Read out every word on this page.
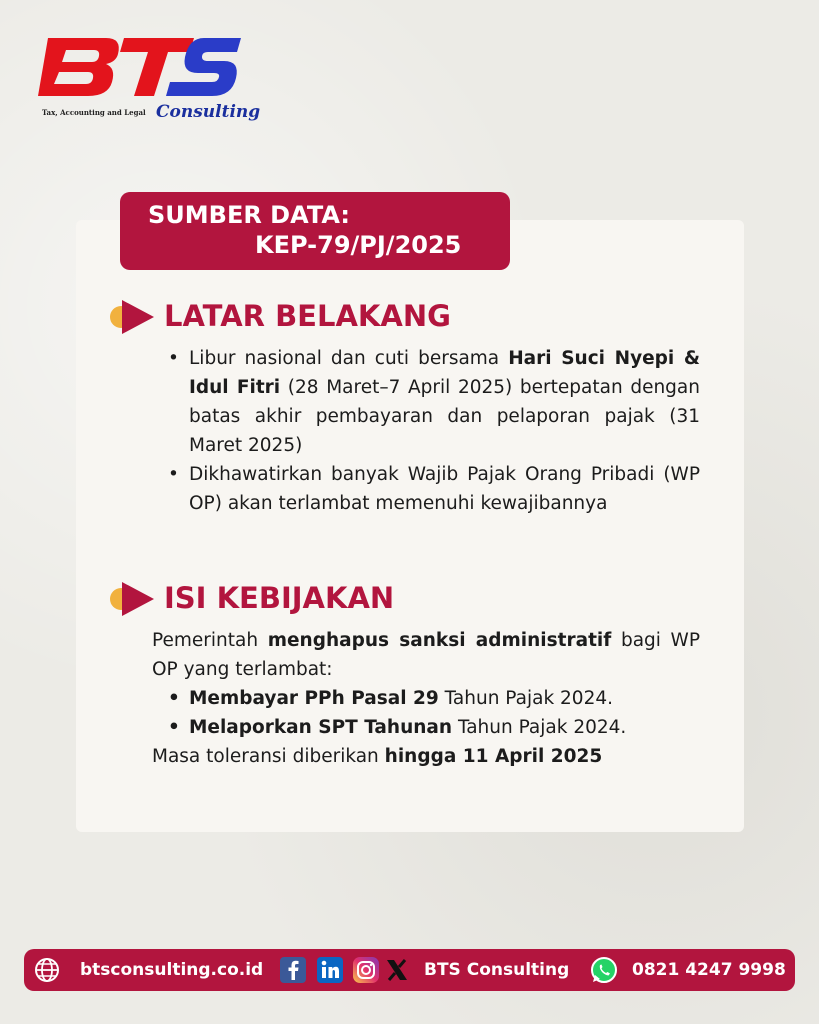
Tax, Accounting and Legal Consulting
SUMBER DATA:
KEP-79/PJ/2025
LATAR BELAKANG
• Libur nasional dan cuti bersama Hari Suci Nyepi & Idul Fitri (28 Maret–7 April 2025) bertepatan dengan batas akhir pembayaran dan pelaporan pajak (31 Maret 2025)
• Dikhawatirkan banyak Wajib Pajak Orang Pribadi (WP OP) akan terlambat memenuhi kewajibannya
ISI KEBIJAKAN
Pemerintah menghapus sanksi administratif bagi WP OP yang terlambat:
• Membayar PPh Pasal 29 Tahun Pajak 2024.
• Melaporkan SPT Tahunan Tahun Pajak 2024.
Masa toleransi diberikan hingga 11 April 2025
btsconsulting.co.id	BTS Consulting	0821 4247 9998
